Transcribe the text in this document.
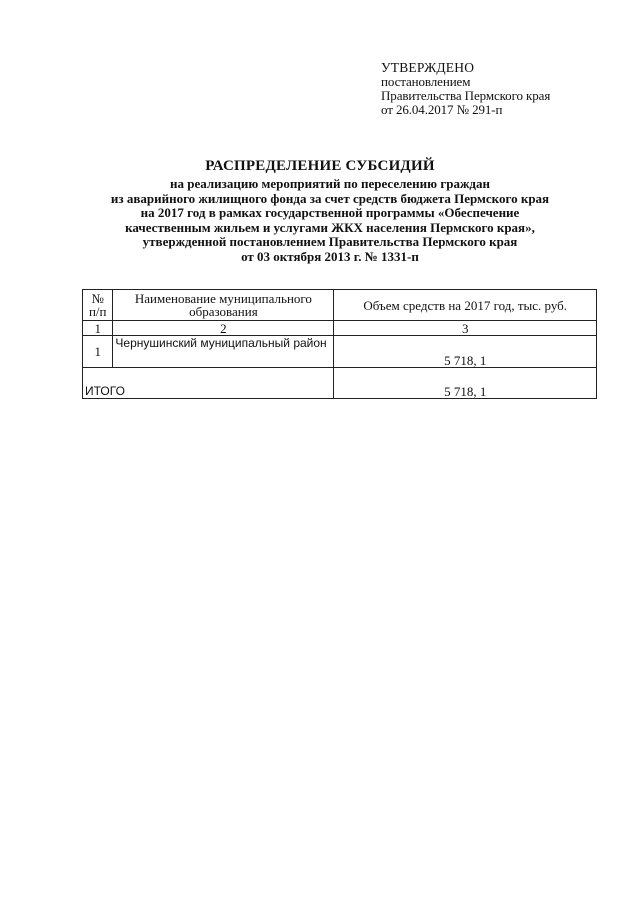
УТВЕРЖДЕНО
постановлением
Правительства Пермского края
от 26.04.2017 № 291-п
РАСПРЕДЕЛЕНИЕ СУБСИДИЙ
на реализацию мероприятий по переселению граждан
из аварийного жилищного фонда за счет средств бюджета Пермского края
на 2017 год в рамках государственной программы «Обеспечение
качественным жильем и услугами ЖКХ населения Пермского края»,
утвержденной постановлением Правительства Пермского края
от 03 октября 2013 г. № 1331-п
№ п/п	Наименование муниципального образования	Объем средств на 2017 год, тыс. руб.
1	2	3
1	Чернушинский муниципальный район	5 718, 1
ИТОГО		5 718, 1
